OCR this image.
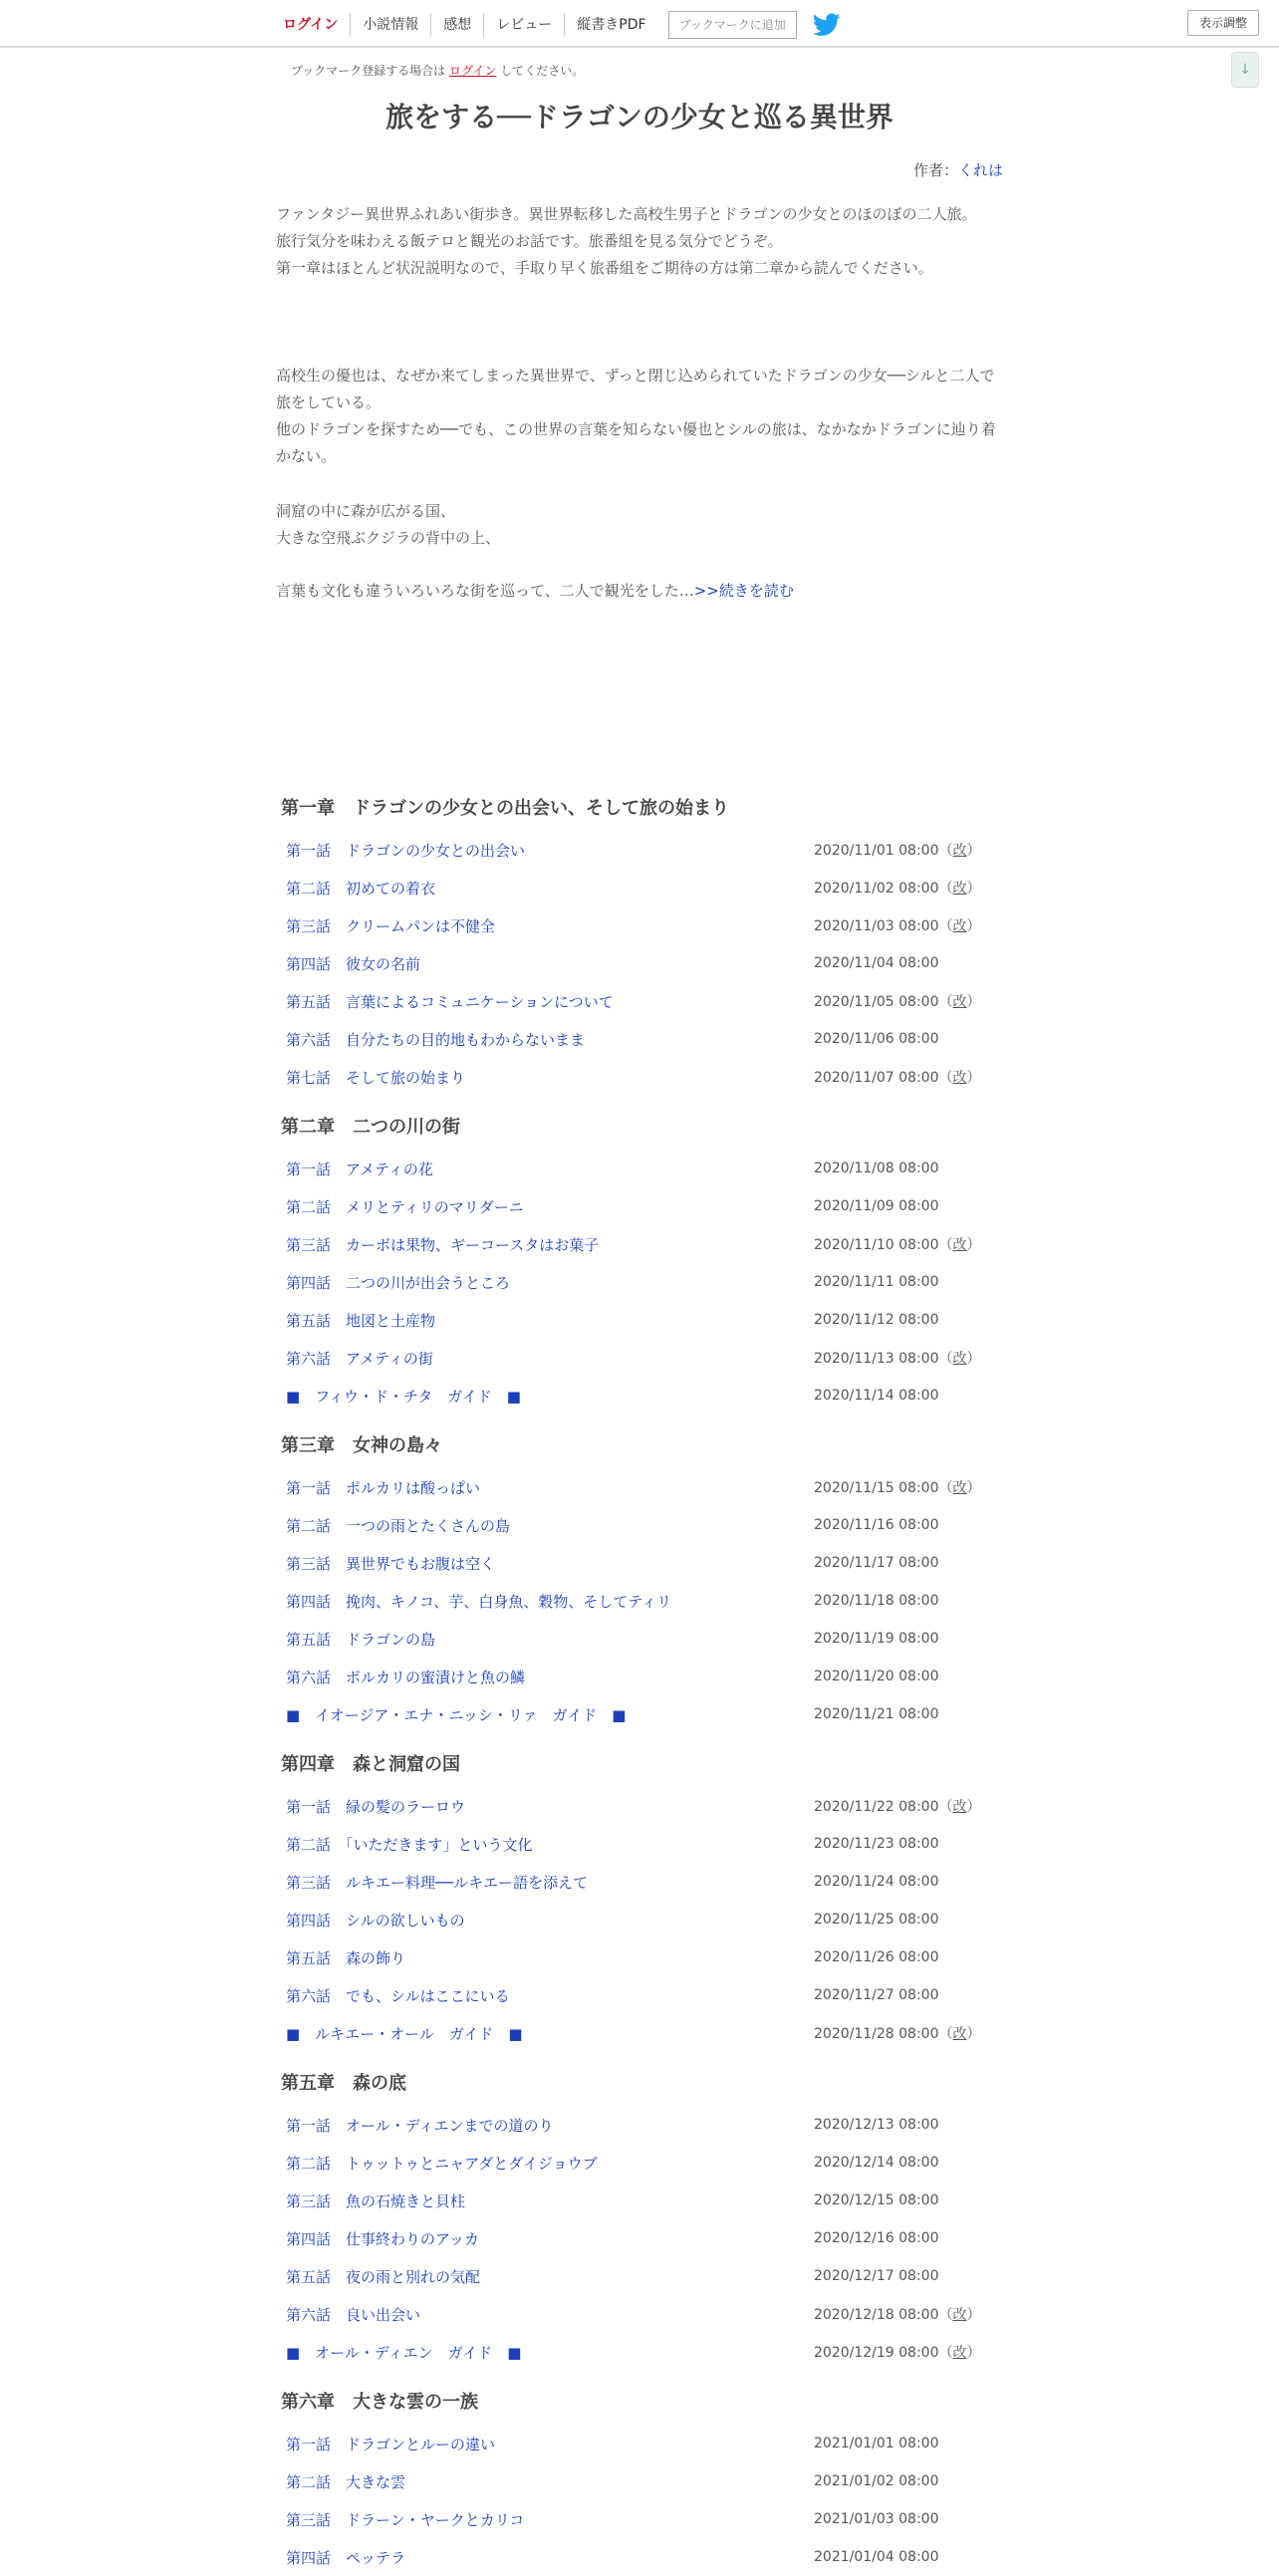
ログイン	小説情報	感想	レビュー	縦書きPDF	ブックマークに追加	表示調整
↓
ブックマーク登録する場合は ログイン してください。
旅をする──ドラゴンの少女と巡る異世界
作者：くれは
ファンタジー異世界ふれあい街歩き。異世界転移した高校生男子とドラゴンの少女とのほのぼの二人旅。
旅行気分を味わえる飯テロと観光のお話です。旅番組を見る気分でどうぞ。
第一章はほとんど状況説明なので、手取り早く旅番組をご期待の方は第二章から読んでください。
高校生の優也は、なぜか来てしまった異世界で、ずっと閉じ込められていたドラゴンの少女──シルと二人で旅をしている。
他のドラゴンを探すため──でも、この世界の言葉を知らない優也とシルの旅は、なかなかドラゴンに辿り着かない。
洞窟の中に森が広がる国、
大きな空飛ぶクジラの背中の上、
言葉も文化も違ういろいろな街を巡って、二人で観光をした…>>続きを読む
第一章　ドラゴンの少女との出会い、そして旅の始まり
第一話　ドラゴンの少女との出会い	2020/11/01 08:00（改）
第二話　初めての着衣	2020/11/02 08:00（改）
第三話　クリームパンは不健全	2020/11/03 08:00（改）
第四話　彼女の名前	2020/11/04 08:00
第五話　言葉によるコミュニケーションについて	2020/11/05 08:00（改）
第六話　自分たちの目的地もわからないまま	2020/11/06 08:00
第七話　そして旅の始まり	2020/11/07 08:00（改）
第二章　二つの川の街
第一話　アメティの花	2020/11/08 08:00
第二話　メリとティリのマリダーニ	2020/11/09 08:00
第三話　カーボは果物、ギーコースタはお菓子	2020/11/10 08:00（改）
第四話　二つの川が出会うところ	2020/11/11 08:00
第五話　地図と土産物	2020/11/12 08:00
第六話　アメティの街	2020/11/13 08:00（改）
■　フィウ・ド・チタ　ガイド　■	2020/11/14 08:00
第三章　女神の島々
第一話　ポルカリは酸っぱい	2020/11/15 08:00（改）
第二話　一つの雨とたくさんの島	2020/11/16 08:00
第三話　異世界でもお腹は空く	2020/11/17 08:00
第四話　挽肉、キノコ、芋、白身魚、穀物、そしてティリ	2020/11/18 08:00
第五話　ドラゴンの島	2020/11/19 08:00
第六話　ポルカリの蜜漬けと魚の鱗	2020/11/20 08:00
■　イオージア・エナ・ニッシ・リァ　ガイド　■	2020/11/21 08:00
第四章　森と洞窟の国
第一話　緑の髪のラーロウ	2020/11/22 08:00（改）
第二話　「いただきます」という文化	2020/11/23 08:00
第三話　ルキエー料理──ルキエー語を添えて	2020/11/24 08:00
第四話　シルの欲しいもの	2020/11/25 08:00
第五話　森の飾り	2020/11/26 08:00
第六話　でも、シルはここにいる	2020/11/27 08:00
■　ルキエー・オール　ガイド　■	2020/11/28 08:00（改）
第五章　森の底
第一話　オール・ディエンまでの道のり	2020/12/13 08:00
第二話　トゥットゥとニャアダとダイジョウブ	2020/12/14 08:00
第三話　魚の石焼きと貝柱	2020/12/15 08:00
第四話　仕事終わりのアッカ	2020/12/16 08:00
第五話　夜の雨と別れの気配	2020/12/17 08:00
第六話　良い出会い	2020/12/18 08:00（改）
■　オール・ディエン　ガイド　■	2020/12/19 08:00（改）
第六章　大きな雲の一族
第一話　ドラゴンとルーの違い	2021/01/01 08:00
第二話　大きな雲	2021/01/02 08:00
第三話　ドラーン・ヤークとカリコ	2021/01/03 08:00
第四話　ペッテラ	2021/01/04 08:00
